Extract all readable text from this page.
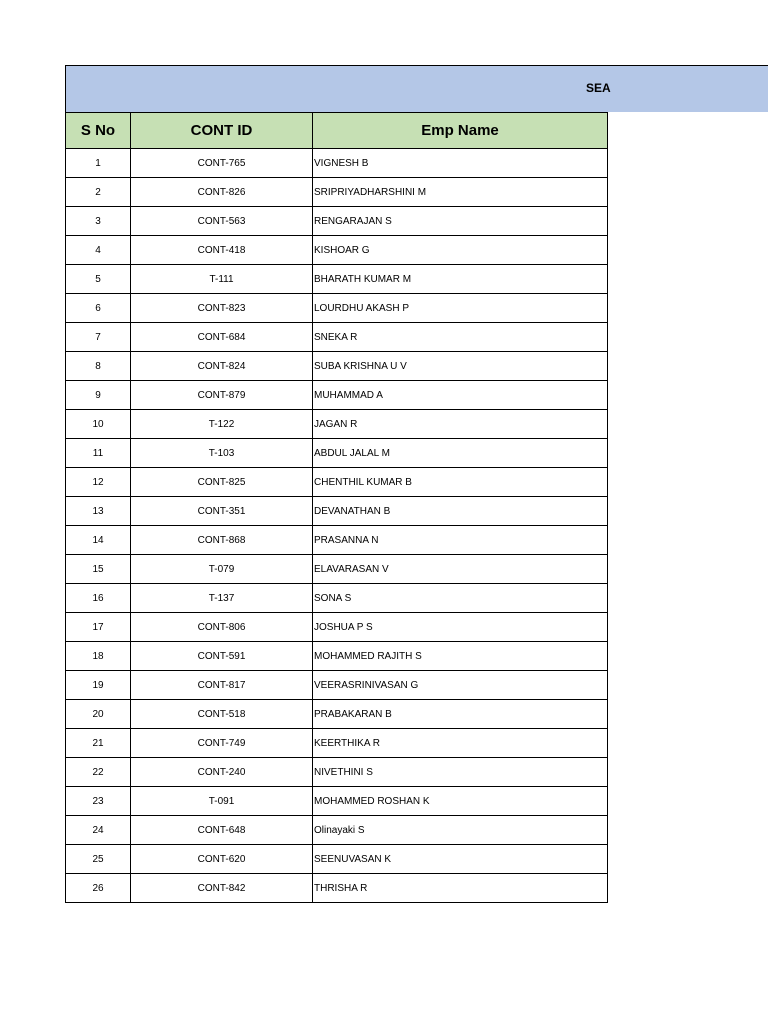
SEA
S No	CONT ID	Emp Name
1	CONT-765	VIGNESH B
2	CONT-826	SRIPRIYADHARSHINI M
3	CONT-563	RENGARAJAN S
4	CONT-418	KISHOAR G
5	T-111	BHARATH KUMAR M
6	CONT-823	LOURDHU AKASH P
7	CONT-684	SNEKA R
8	CONT-824	SUBA KRISHNA U V
9	CONT-879	MUHAMMAD A
10	T-122	JAGAN R
11	T-103	ABDUL JALAL M
12	CONT-825	CHENTHIL KUMAR B
13	CONT-351	DEVANATHAN B
14	CONT-868	PRASANNA N
15	T-079	ELAVARASAN V
16	T-137	SONA S
17	CONT-806	JOSHUA P S
18	CONT-591	MOHAMMED RAJITH S
19	CONT-817	VEERASRINIVASAN G
20	CONT-518	PRABAKARAN B
21	CONT-749	KEERTHIKA R
22	CONT-240	NIVETHINI S
23	T-091	MOHAMMED ROSHAN K
24	CONT-648	Olinayaki S
25	CONT-620	SEENUVASAN K
26	CONT-842	THRISHA R
